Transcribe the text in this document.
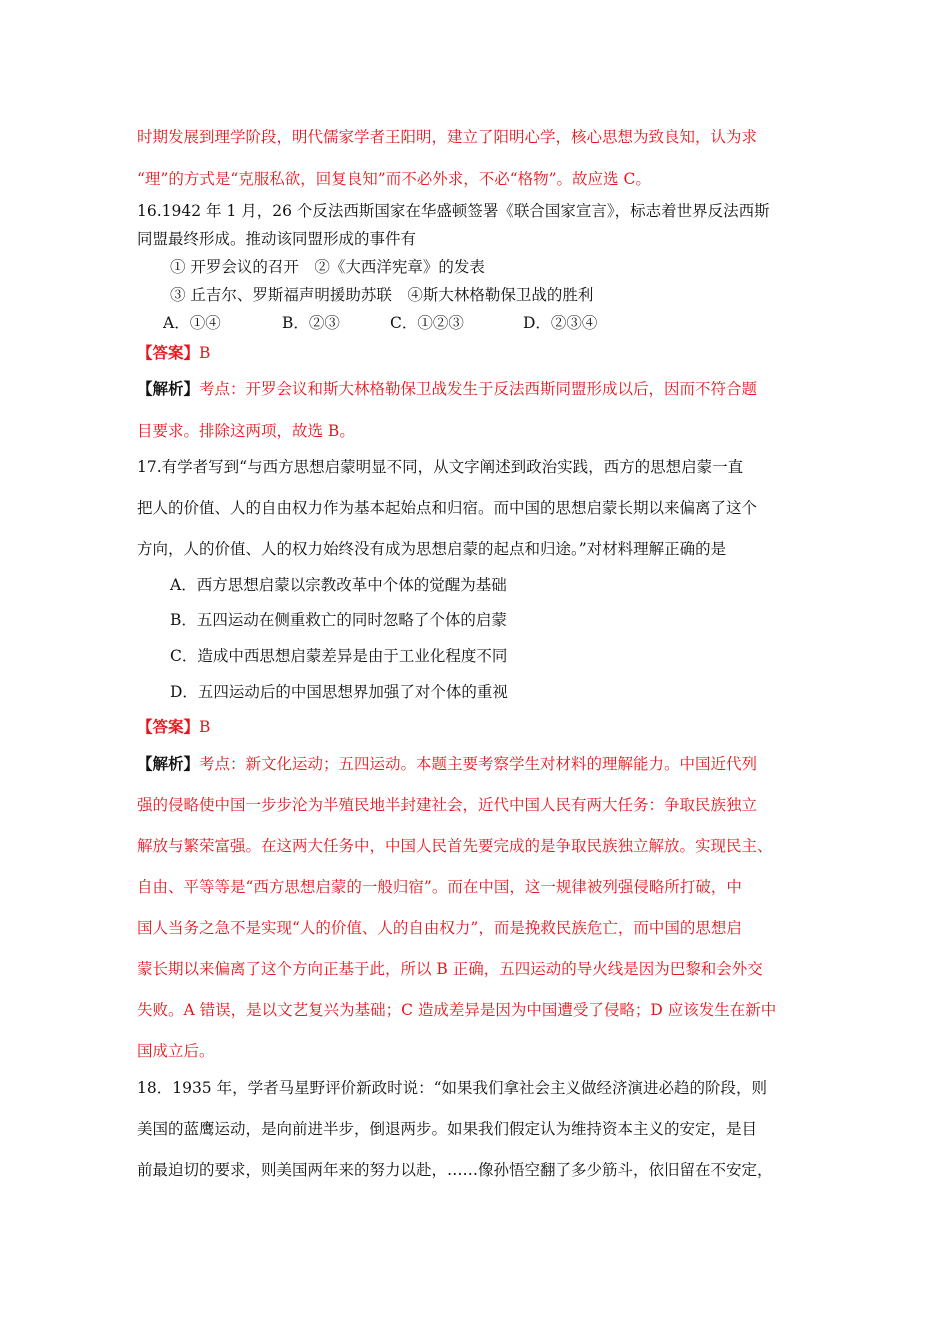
时期发展到理学阶段，明代儒家学者王阳明，建立了阳明心学，核心思想为致良知，认为求
“理”的方式是“克服私欲，回复良知”而不必外求，不必“格物”。故应选 C。
16.1942 年 1 月，26 个反法西斯国家在华盛顿签署《联合国家宣言》，标志着世界反法西斯
同盟最终形成。推动该同盟形成的事件有
① 开罗会议的召开　②《大西洋宪章》的发表
③ 丘吉尔、罗斯福声明援助苏联　④斯大林格勒保卫战的胜利
A．①④	B．②③	C．①②③	D．②③④
【答案】B
【解析】考点：开罗会议和斯大林格勒保卫战发生于反法西斯同盟形成以后，因而不符合题
目要求。排除这两项，故选 B。
17.有学者写到“与西方思想启蒙明显不同，从文字阐述到政治实践，西方的思想启蒙一直
把人的价值、人的自由权力作为基本起始点和归宿。而中国的思想启蒙长期以来偏离了这个
方向，人的价值、人的权力始终没有成为思想启蒙的起点和归途。”对材料理解正确的是
A．西方思想启蒙以宗教改革中个体的觉醒为基础
B．五四运动在侧重救亡的同时忽略了个体的启蒙
C．造成中西思想启蒙差异是由于工业化程度不同
D．五四运动后的中国思想界加强了对个体的重视
【答案】B
【解析】考点：新文化运动；五四运动。本题主要考察学生对材料的理解能力。中国近代列
强的侵略使中国一步步沦为半殖民地半封建社会，近代中国人民有两大任务：争取民族独立
解放与繁荣富强。在这两大任务中，中国人民首先要完成的是争取民族独立解放。实现民主、
自由、平等等是“西方思想启蒙的一般归宿”。而在中国，这一规律被列强侵略所打破，中
国人当务之急不是实现“人的价值、人的自由权力”，而是挽救民族危亡，而中国的思想启
蒙长期以来偏离了这个方向正基于此，所以 B 正确，五四运动的导火线是因为巴黎和会外交
失败。A 错误，是以文艺复兴为基础；C 造成差异是因为中国遭受了侵略；D 应该发生在新中
国成立后。
18．1935 年，学者马星野评价新政时说：“如果我们拿社会主义做经济演进必趋的阶段，则
美国的蓝鹰运动，是向前进半步，倒退两步。如果我们假定认为维持资本主义的安定，是目
前最迫切的要求，则美国两年来的努力以赴，……像孙悟空翻了多少筋斗，依旧留在不安定，
